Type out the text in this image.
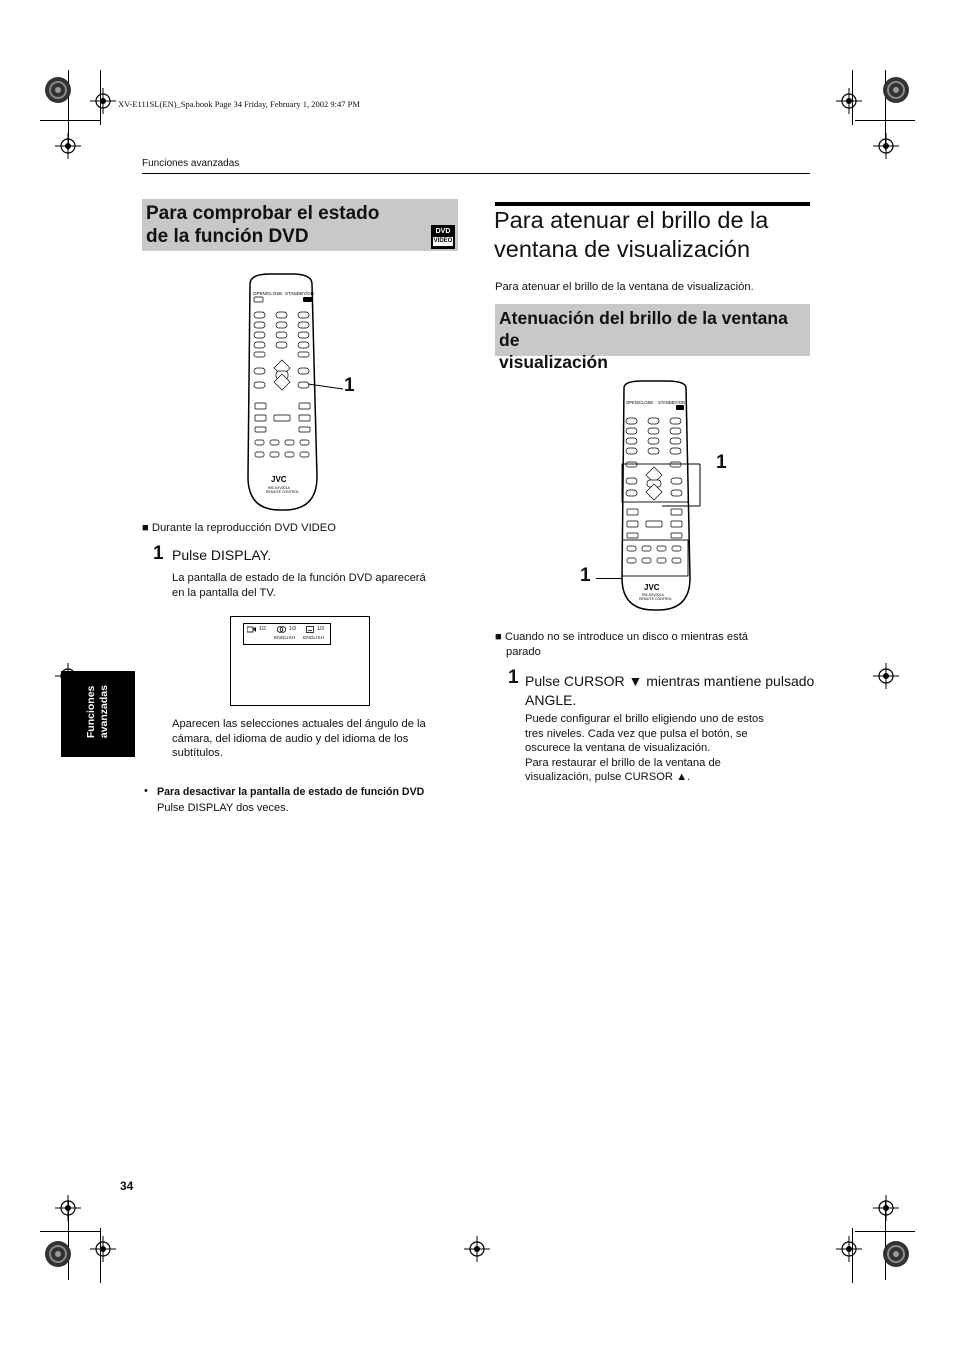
XV-E111SL(EN)_Spa.book Page 34 Friday, February 1, 2002 9:47 PM
Funciones avanzadas
Para comprobar el estado
de la función DVD	DVD
VIDEO
OPEN/CLOSE STANDBY/ON
JVC
RM-SXV001A
REMOTE CONTROL
1
■ Durante la reproducción DVD VIDEO
1 Pulse DISPLAY.
La pantalla de estado de la función DVD aparecerá
en la pantalla del TV.
1/2	1/3	1/3
ENGLISH ENGLISH
Aparecen las selecciones actuales del ángulo de la
cámara, del idioma de audio y del idioma de los
subtítulos.
• Para desactivar la pantalla de estado de función DVD
Pulse DISPLAY dos veces.
Funciones avanzadas
Para atenuar el brillo de la
ventana de visualización
Para atenuar el brillo de la ventana de visualización.
Atenuación del brillo de la ventana de
visualización
OPEN/CLOSE STANDBY/ON
JVC
RM-SXV001A
REMOTE CONTROL
1
1
■ Cuando no se introduce un disco o mientras está
parado
1 Pulse CURSOR ▼ mientras mantiene pulsado
ANGLE.
Puede configurar el brillo eligiendo uno de estos
tres niveles. Cada vez que pulsa el botón, se
oscurece la ventana de visualización.
Para restaurar el brillo de la ventana de
visualización, pulse CURSOR ▲.
34
